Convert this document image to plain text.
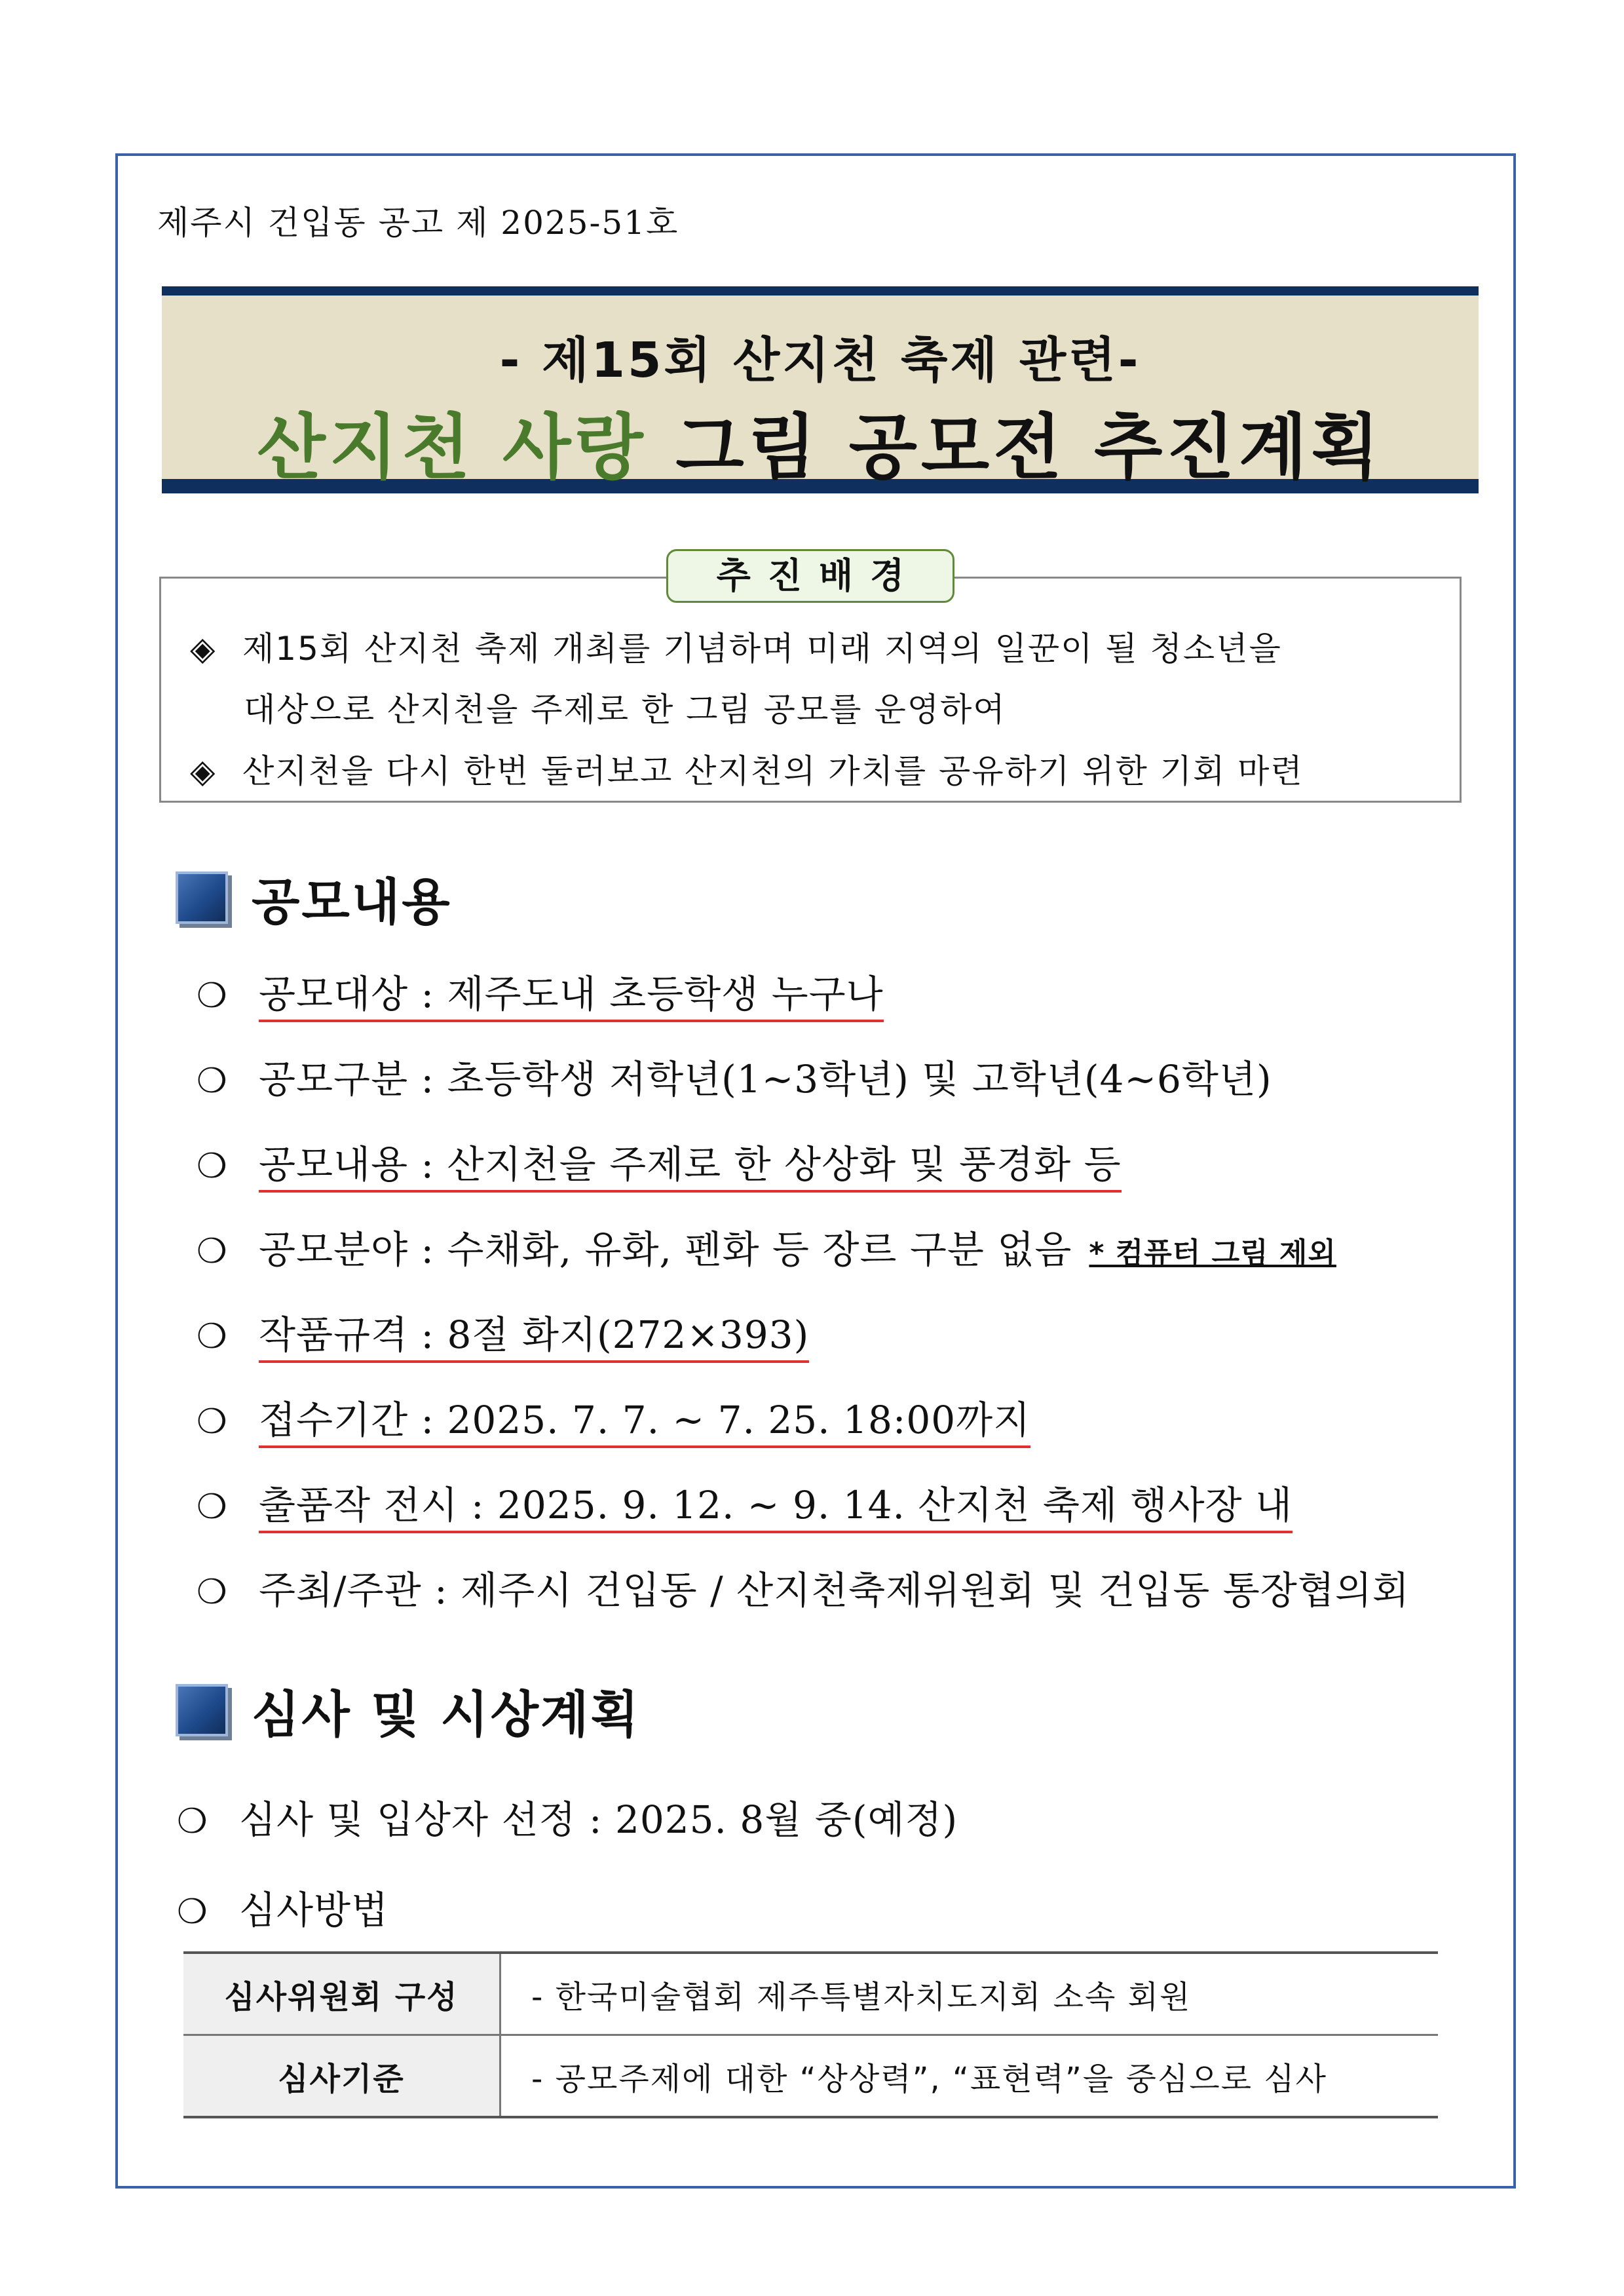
제주시 건입동 공고 제 2025-51호
- 제15회 산지천 축제 관련-
산지천 사랑 그림 공모전 추진계획
추진배경
◈ 제15회 산지천 축제 개최를 기념하며 미래 지역의 일꾼이 될 청소년을
대상으로 산지천을 주제로 한 그림 공모를 운영하여
◈ 산지천을 다시 한번 둘러보고 산지천의 가치를 공유하기 위한 기회 마련
공모내용
❍ 공모대상 : 제주도내 초등학생 누구나
❍ 공모구분 : 초등학생 저학년(1~3학년) 및 고학년(4~6학년)
❍ 공모내용 : 산지천을 주제로 한 상상화 및 풍경화 등
❍ 공모분야 : 수채화, 유화, 펜화 등 장르 구분 없음 * 컴퓨터 그림 제외
❍ 작품규격 : 8절 화지(272×393)
❍ 접수기간 : 2025. 7. 7. ~ 7. 25. 18:00까지
❍ 출품작 전시 : 2025. 9. 12. ~ 9. 14. 산지천 축제 행사장 내
❍ 주최/주관 : 제주시 건입동 / 산지천축제위원회 및 건입동 통장협의회
심사 및 시상계획
❍ 심사 및 입상자 선정 : 2025. 8월 중(예정)
❍ 심사방법
심사위원회 구성	- 한국미술협회 제주특별자치도지회 소속 회원
심사기준	- 공모주제에 대한 “상상력”, “표현력”을 중심으로 심사
